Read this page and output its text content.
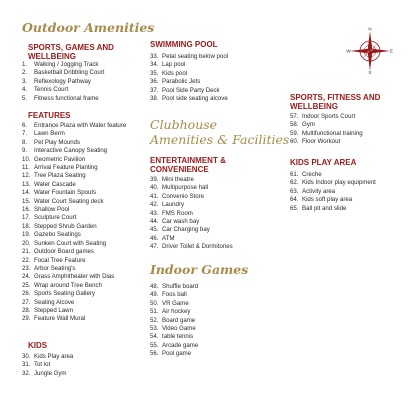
Outdoor Amenities
SPORTS, GAMES AND WELLBEING
1. Walking / Jogging Track
2. Basketball Dribbling Court
3. Reflexology Pathway
4. Tennis Court
5. Fitness functional frame
FEATURES
6. Entrance Plaza with Water feature
7. Lawn Berm
8. Pet Play Mounds
9. Interactive Canopy Seating
10. Geometric Pavilion
11. Arrival Feature Planting
12. Tree Plaza Seating
13. Water Cascade
14. Water Fountain Spouts
15. Water Court Seating deck
16. Shallow Pool
17. Sculpture Court
18. Stepped Shrub Garden
19. Gazebo Seatings
20. Sunken Court with Seating
21. Outdoor Board games
22. Focal Tree Feature
23. Arbor Seating's
24. Grass Amphitheater with Dias
25. Wrap around Tree Bench
26. Sports Seating Gallery
27. Seating Alcove
28. Stepped Lawn
29. Feature Wall Mural
KIDS
30. Kids Play area
31. Tot lot
32. Jungle Gym
SWIMMING POOL
33. Petal seating below pool
34. Lap pool
35. Kids pool
36. Parabolic Jets
37. Pool Side Party Deck
38. Pool side seating alcove
Clubhouse
Amenities & Facilities
ENTERTAINMENT & CONVENIENCE
39. Mini theatre
40. Multipurpose hall
41. Convenio Store
42. Laundry
43. FMS Room
44. Car wash bay
45. Car Charging bay
46. ATM
47. Driver Toilet & Dormitories
Indoor Games
48. Shuffle board
49. Foos ball
50. VR Game
51. Air hockey
52. Board game
53. Video Game
54. table tennis
55. Arcade game
56. Pool game
N
E
S
W
SPORTS, FITNESS AND WELLBEING
57. Indoor Sports Court
58. Gym
59. Multifunctional training
60. Floor Workout
KIDS PLAY AREA
61. Creche
62. Kids Indoor play equipment
63. Activity area
64. Kids soft play area
65. Ball pit and slide
